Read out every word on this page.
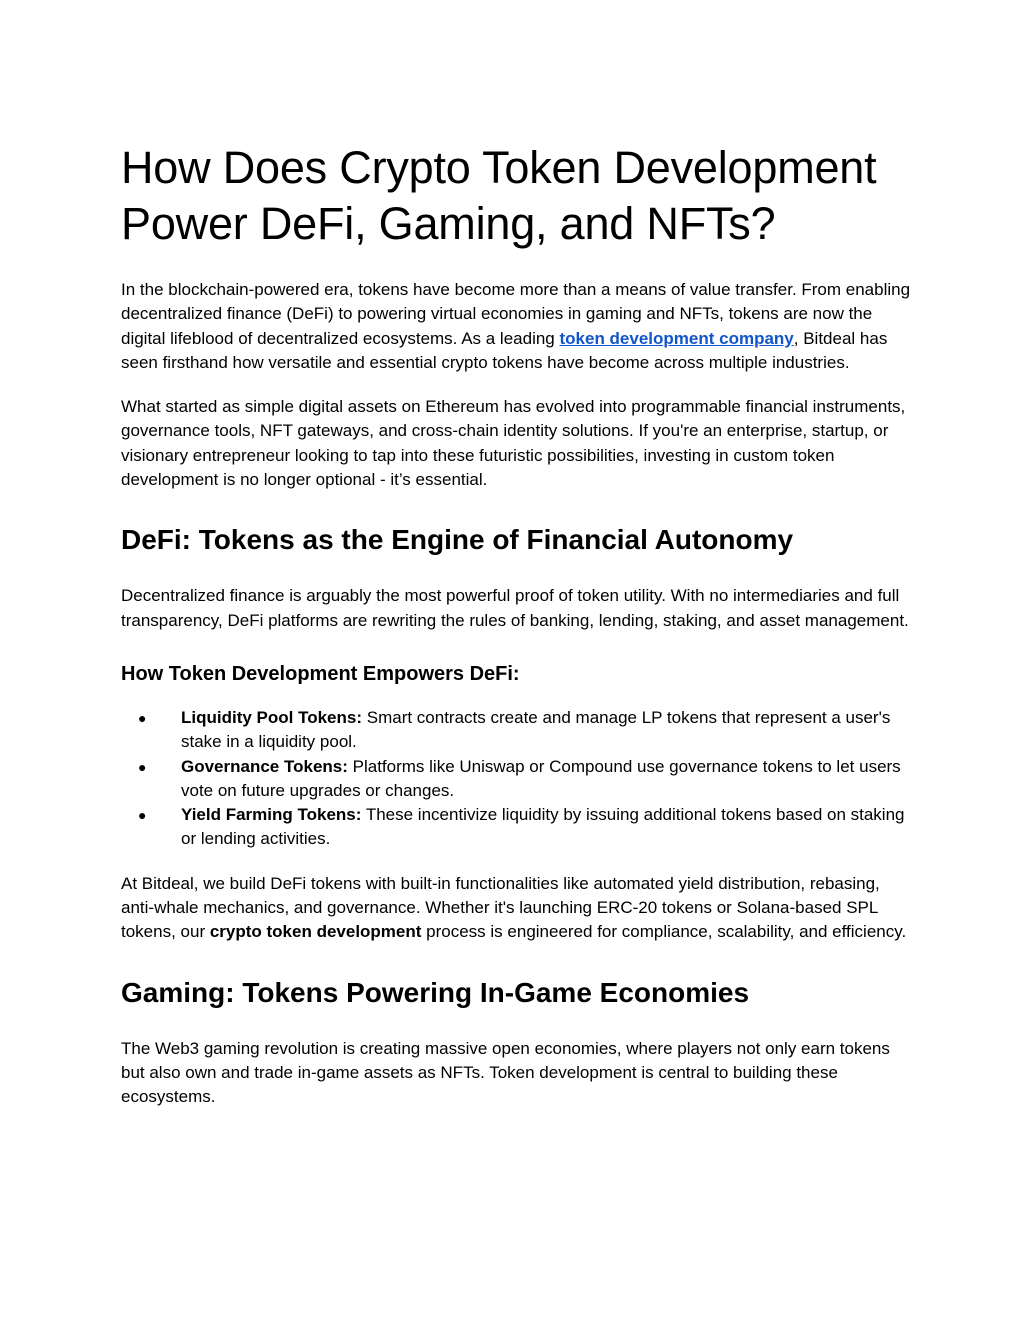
How Does Crypto Token Development Power DeFi, Gaming, and NFTs?

In the blockchain-powered era, tokens have become more than a means of value transfer. From enabling decentralized finance (DeFi) to powering virtual economies in gaming and NFTs, tokens are now the digital lifeblood of decentralized ecosystems. As a leading token development company, Bitdeal has seen firsthand how versatile and essential crypto tokens have become across multiple industries.

What started as simple digital assets on Ethereum has evolved into programmable financial instruments, governance tools, NFT gateways, and cross-chain identity solutions. If you're an enterprise, startup, or visionary entrepreneur looking to tap into these futuristic possibilities, investing in custom token development is no longer optional - it’s essential.

DeFi: Tokens as the Engine of Financial Autonomy

Decentralized finance is arguably the most powerful proof of token utility. With no intermediaries and full transparency, DeFi platforms are rewriting the rules of banking, lending, staking, and asset management.

How Token Development Empowers DeFi:
● Liquidity Pool Tokens: Smart contracts create and manage LP tokens that represent a user's stake in a liquidity pool.
● Governance Tokens: Platforms like Uniswap or Compound use governance tokens to let users vote on future upgrades or changes.
● Yield Farming Tokens: These incentivize liquidity by issuing additional tokens based on staking or lending activities.

At Bitdeal, we build DeFi tokens with built-in functionalities like automated yield distribution, rebasing, anti-whale mechanics, and governance. Whether it's launching ERC-20 tokens or Solana-based SPL tokens, our crypto token development process is engineered for compliance, scalability, and efficiency.

Gaming: Tokens Powering In-Game Economies

The Web3 gaming revolution is creating massive open economies, where players not only earn tokens but also own and trade in-game assets as NFTs. Token development is central to building these ecosystems.
